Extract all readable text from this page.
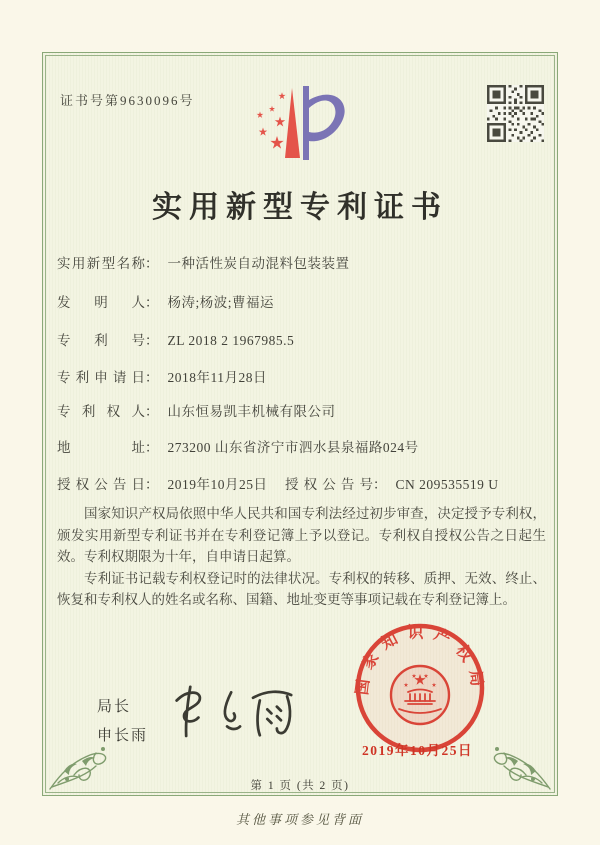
证书号第9630096号
实用新型专利证书
实用新型名称： 一种活性炭自动混料包装装置
发明人： 杨涛;杨波;曹福运
专利号： ZL 2018 2 1967985.5
专利申请日： 2018年11月28日
专利权人： 山东恒易凯丰机械有限公司
地址： 273200 山东省济宁市泗水县泉福路024号
授权公告日： 2019年10月25日 授权公告号： CN 209535519 U

国家知识产权局依照中华人民共和国专利法经过初步审查，决定授予专利权，颁发实用新型专利证书并在专利登记簿上予以登记。专利权自授权公告之日起生效。专利权期限为十年，自申请日起算。

专利证书记载专利权登记时的法律状况。专利权的转移、质押、无效、终止、恢复和专利权人的姓名或名称、国籍、地址变更等事项记载在专利登记簿上。

局长
申长雨
国家知识产权局
2019年10月25日
第 1 页 (共 2 页)
其他事项参见背面
